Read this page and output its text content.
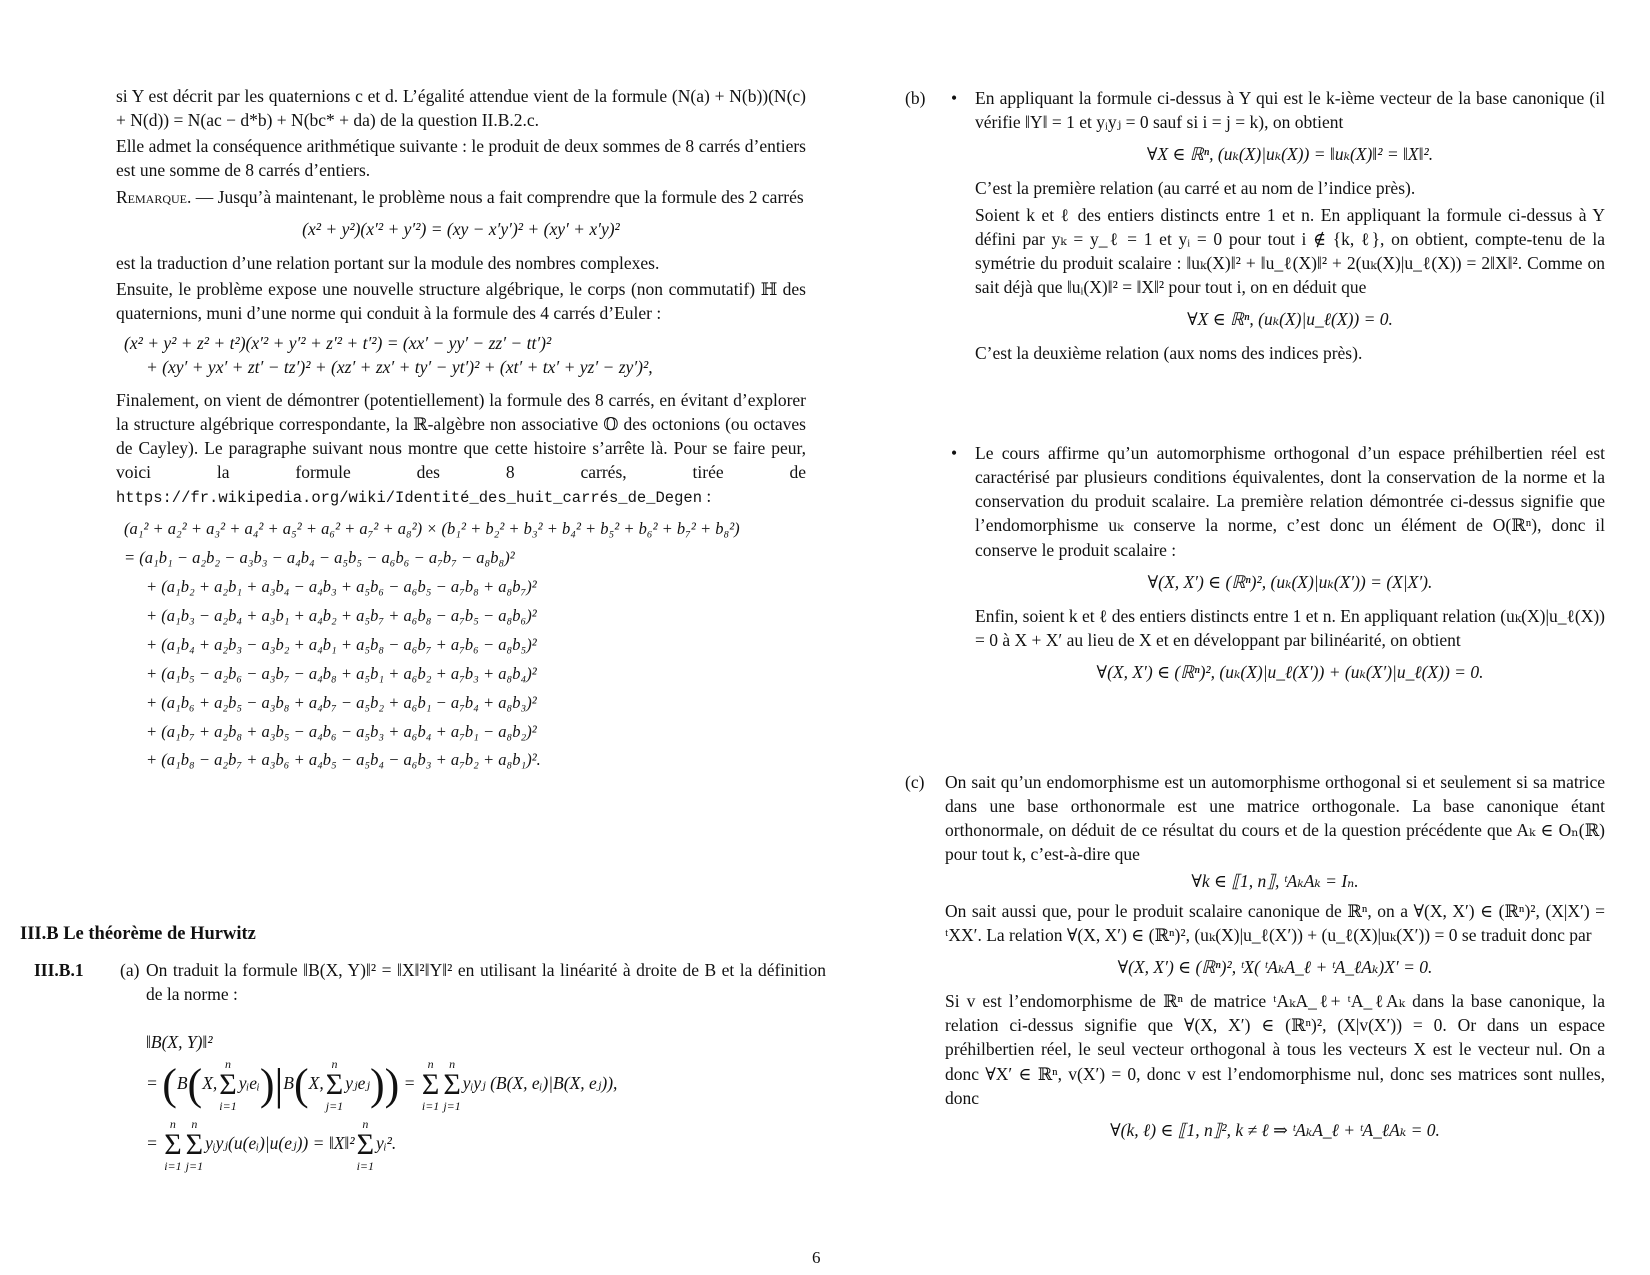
si Y est décrit par les quaternions c et d. L’égalité attendue vient de la formule (N(a) + N(b))(N(c) + N(d)) = N(ac − d*b) + N(bc* + da) de la question II.B.2.c.

Elle admet la conséquence arithmétique suivante : le produit de deux sommes de 8 carrés d’entiers est une somme de 8 carrés d’entiers.

Remarque. — Jusqu’à maintenant, le problème nous a fait comprendre que la formule des 2 carrés

(x² + y²)(x′² + y′²) = (xy − x′y′)² + (xy′ + x′y)²

est la traduction d’une relation portant sur la module des nombres complexes.

Ensuite, le problème expose une nouvelle structure algébrique, le corps (non commutatif) ℍ des quaternions, muni d’une norme qui conduit à la formule des 4 carrés d’Euler :

(x² + y² + z² + t²)(x′² + y′² + z′² + t′²) = (xx′ − yy′ − zz′ − tt′)²
+ (xy′ + yx′ + zt′ − tz′)² + (xz′ + zx′ + ty′ − yt′)² + (xt′ + tx′ + yz′ − zy′)²,

Finalement, on vient de démontrer (potentiellement) la formule des 8 carrés, en évitant d’explorer la structure algébrique correspondante, la ℝ-algèbre non associative 𝕆 des octonions (ou octaves de Cayley). Le paragraphe suivant nous montre que cette histoire s’arrête là. Pour se faire peur, voici la formule des 8 carrés, tirée de https://fr.wikipedia.org/wiki/Identité_des_huit_carrés_de_Degen :

(a₁² + a₂² + a₃² + a₄² + a₅² + a₆² + a₇² + a₈²) × (b₁² + b₂² + b₃² + b₄² + b₅² + b₆² + b₇² + b₈²)
= (a₁b₁ − a₂b₂ − a₃b₃ − a₄b₄ − a₅b₅ − a₆b₆ − a₇b₇ − a₈b₈)²
+ (a₁b₂ + a₂b₁ + a₃b₄ − a₄b₃ + a₅b₆ − a₆b₅ − a₇b₈ + a₈b₇)²
+ (a₁b₃ − a₂b₄ + a₃b₁ + a₄b₂ + a₅b₇ + a₆b₈ − a₇b₅ − a₈b₆)²
+ (a₁b₄ + a₂b₃ − a₃b₂ + a₄b₁ + a₅b₈ − a₆b₇ + a₇b₆ − a₈b₅)²
+ (a₁b₅ − a₂b₆ − a₃b₇ − a₄b₈ + a₅b₁ + a₆b₂ + a₇b₃ + a₈b₄)²
+ (a₁b₆ + a₂b₅ − a₃b₈ + a₄b₇ − a₅b₂ + a₆b₁ − a₇b₄ + a₈b₃)²
+ (a₁b₇ + a₂b₈ + a₃b₅ − a₄b₆ − a₅b₃ + a₆b₄ + a₇b₁ − a₈b₂)²
+ (a₁b₈ − a₂b₇ + a₃b₆ + a₄b₅ − a₅b₄ − a₆b₃ + a₇b₂ + a₈b₁)².
III.B Le théorème de Hurwitz
III.B.1 (a) On traduit la formule ‖B(X, Y)‖² = ‖X‖²‖Y‖² en utilisant la linéarité à droite de B et la définition de la norme :
‖B(X, Y)‖²
= (B(X,
n
Σ
i=1
yᵢeᵢ)|B(X,
n
Σ
j=1
yⱼeⱼ)) =
n
Σ
i=1
n
Σ
j=1
yᵢyⱼ (B(X, eᵢ)|B(X, eⱼ)),
=
n
Σ
i=1
n
Σ
j=1
yᵢyⱼ(u(eᵢ)|u(eⱼ)) = ‖X‖²
n
Σ
i=1
yᵢ².
(b) • En appliquant la formule ci-dessus à Y qui est le k-ième vecteur de la base canonique (il vérifie ‖Y‖ = 1 et yᵢyⱼ = 0 sauf si i = j = k), on obtient

∀X ∈ ℝⁿ, (uₖ(X)|uₖ(X)) = ‖uₖ(X)‖² = ‖X‖².

C’est la première relation (au carré et au nom de l’indice près).

Soient k et ℓ des entiers distincts entre 1 et n. En appliquant la formule ci-dessus à Y défini par yₖ = y_ℓ = 1 et yᵢ = 0 pour tout i ∉ {k, ℓ}, on obtient, compte-tenu de la symétrie du produit scalaire : ‖uₖ(X)‖² + ‖u_ℓ(X)‖² + 2(uₖ(X)|u_ℓ(X)) = 2‖X‖². Comme on sait déjà que ‖uᵢ(X)‖² = ‖X‖² pour tout i, on en déduit que

∀X ∈ ℝⁿ, (uₖ(X)|u_ℓ(X)) = 0.

C’est la deuxième relation (aux noms des indices près).

• Le cours affirme qu’un automorphisme orthogonal d’un espace préhilbertien réel est caractérisé par plusieurs conditions équivalentes, dont la conservation de la norme et la conservation du produit scalaire. La première relation démontrée ci-dessus signifie que l’endomorphisme uₖ conserve la norme, c’est donc un élément de O(ℝⁿ), donc il conserve le produit scalaire :

∀(X, X′) ∈ (ℝⁿ)², (uₖ(X)|uₖ(X′)) = (X|X′).

Enfin, soient k et ℓ des entiers distincts entre 1 et n. En appliquant relation (uₖ(X)|u_ℓ(X)) = 0 à X + X′ au lieu de X et en développant par bilinéarité, on obtient

∀(X, X′) ∈ (ℝⁿ)², (uₖ(X)|u_ℓ(X′)) + (uₖ(X′)|u_ℓ(X)) = 0.
(c) On sait qu’un endomorphisme est un automorphisme orthogonal si et seulement si sa matrice dans une base orthonormale est une matrice orthogonale. La base canonique étant orthonormale, on déduit de ce résultat du cours et de la question précédente que Aₖ ∈ Oₙ(ℝ) pour tout k, c’est-à-dire que

∀k ∈ ⟦1, n⟧, ᵗAₖAₖ = Iₙ.

On sait aussi que, pour le produit scalaire canonique de ℝⁿ, on a ∀(X, X′) ∈ (ℝⁿ)², (X|X′) = ᵗXX′. La relation ∀(X, X′) ∈ (ℝⁿ)², (uₖ(X)|u_ℓ(X′)) + (u_ℓ(X)|uₖ(X′)) = 0 se traduit donc par

∀(X, X′) ∈ (ℝⁿ)², ᵗX( ᵗAₖA_ℓ + ᵗA_ℓAₖ)X′ = 0.

Si v est l’endomorphisme de ℝⁿ de matrice ᵗAₖA_ℓ+ ᵗA_ℓAₖ dans la base canonique, la relation ci-dessus signifie que ∀(X, X′) ∈ (ℝⁿ)², (X|v(X′)) = 0. Or dans un espace préhilbertien réel, le seul vecteur orthogonal à tous les vecteurs X est le vecteur nul. On a donc ∀X′ ∈ ℝⁿ, v(X′) = 0, donc v est l’endomorphisme nul, donc ses matrices sont nulles, donc

∀(k, ℓ) ∈ ⟦1, n⟧², k ≠ ℓ ⇒ ᵗAₖA_ℓ + ᵗA_ℓAₖ = 0.
6
